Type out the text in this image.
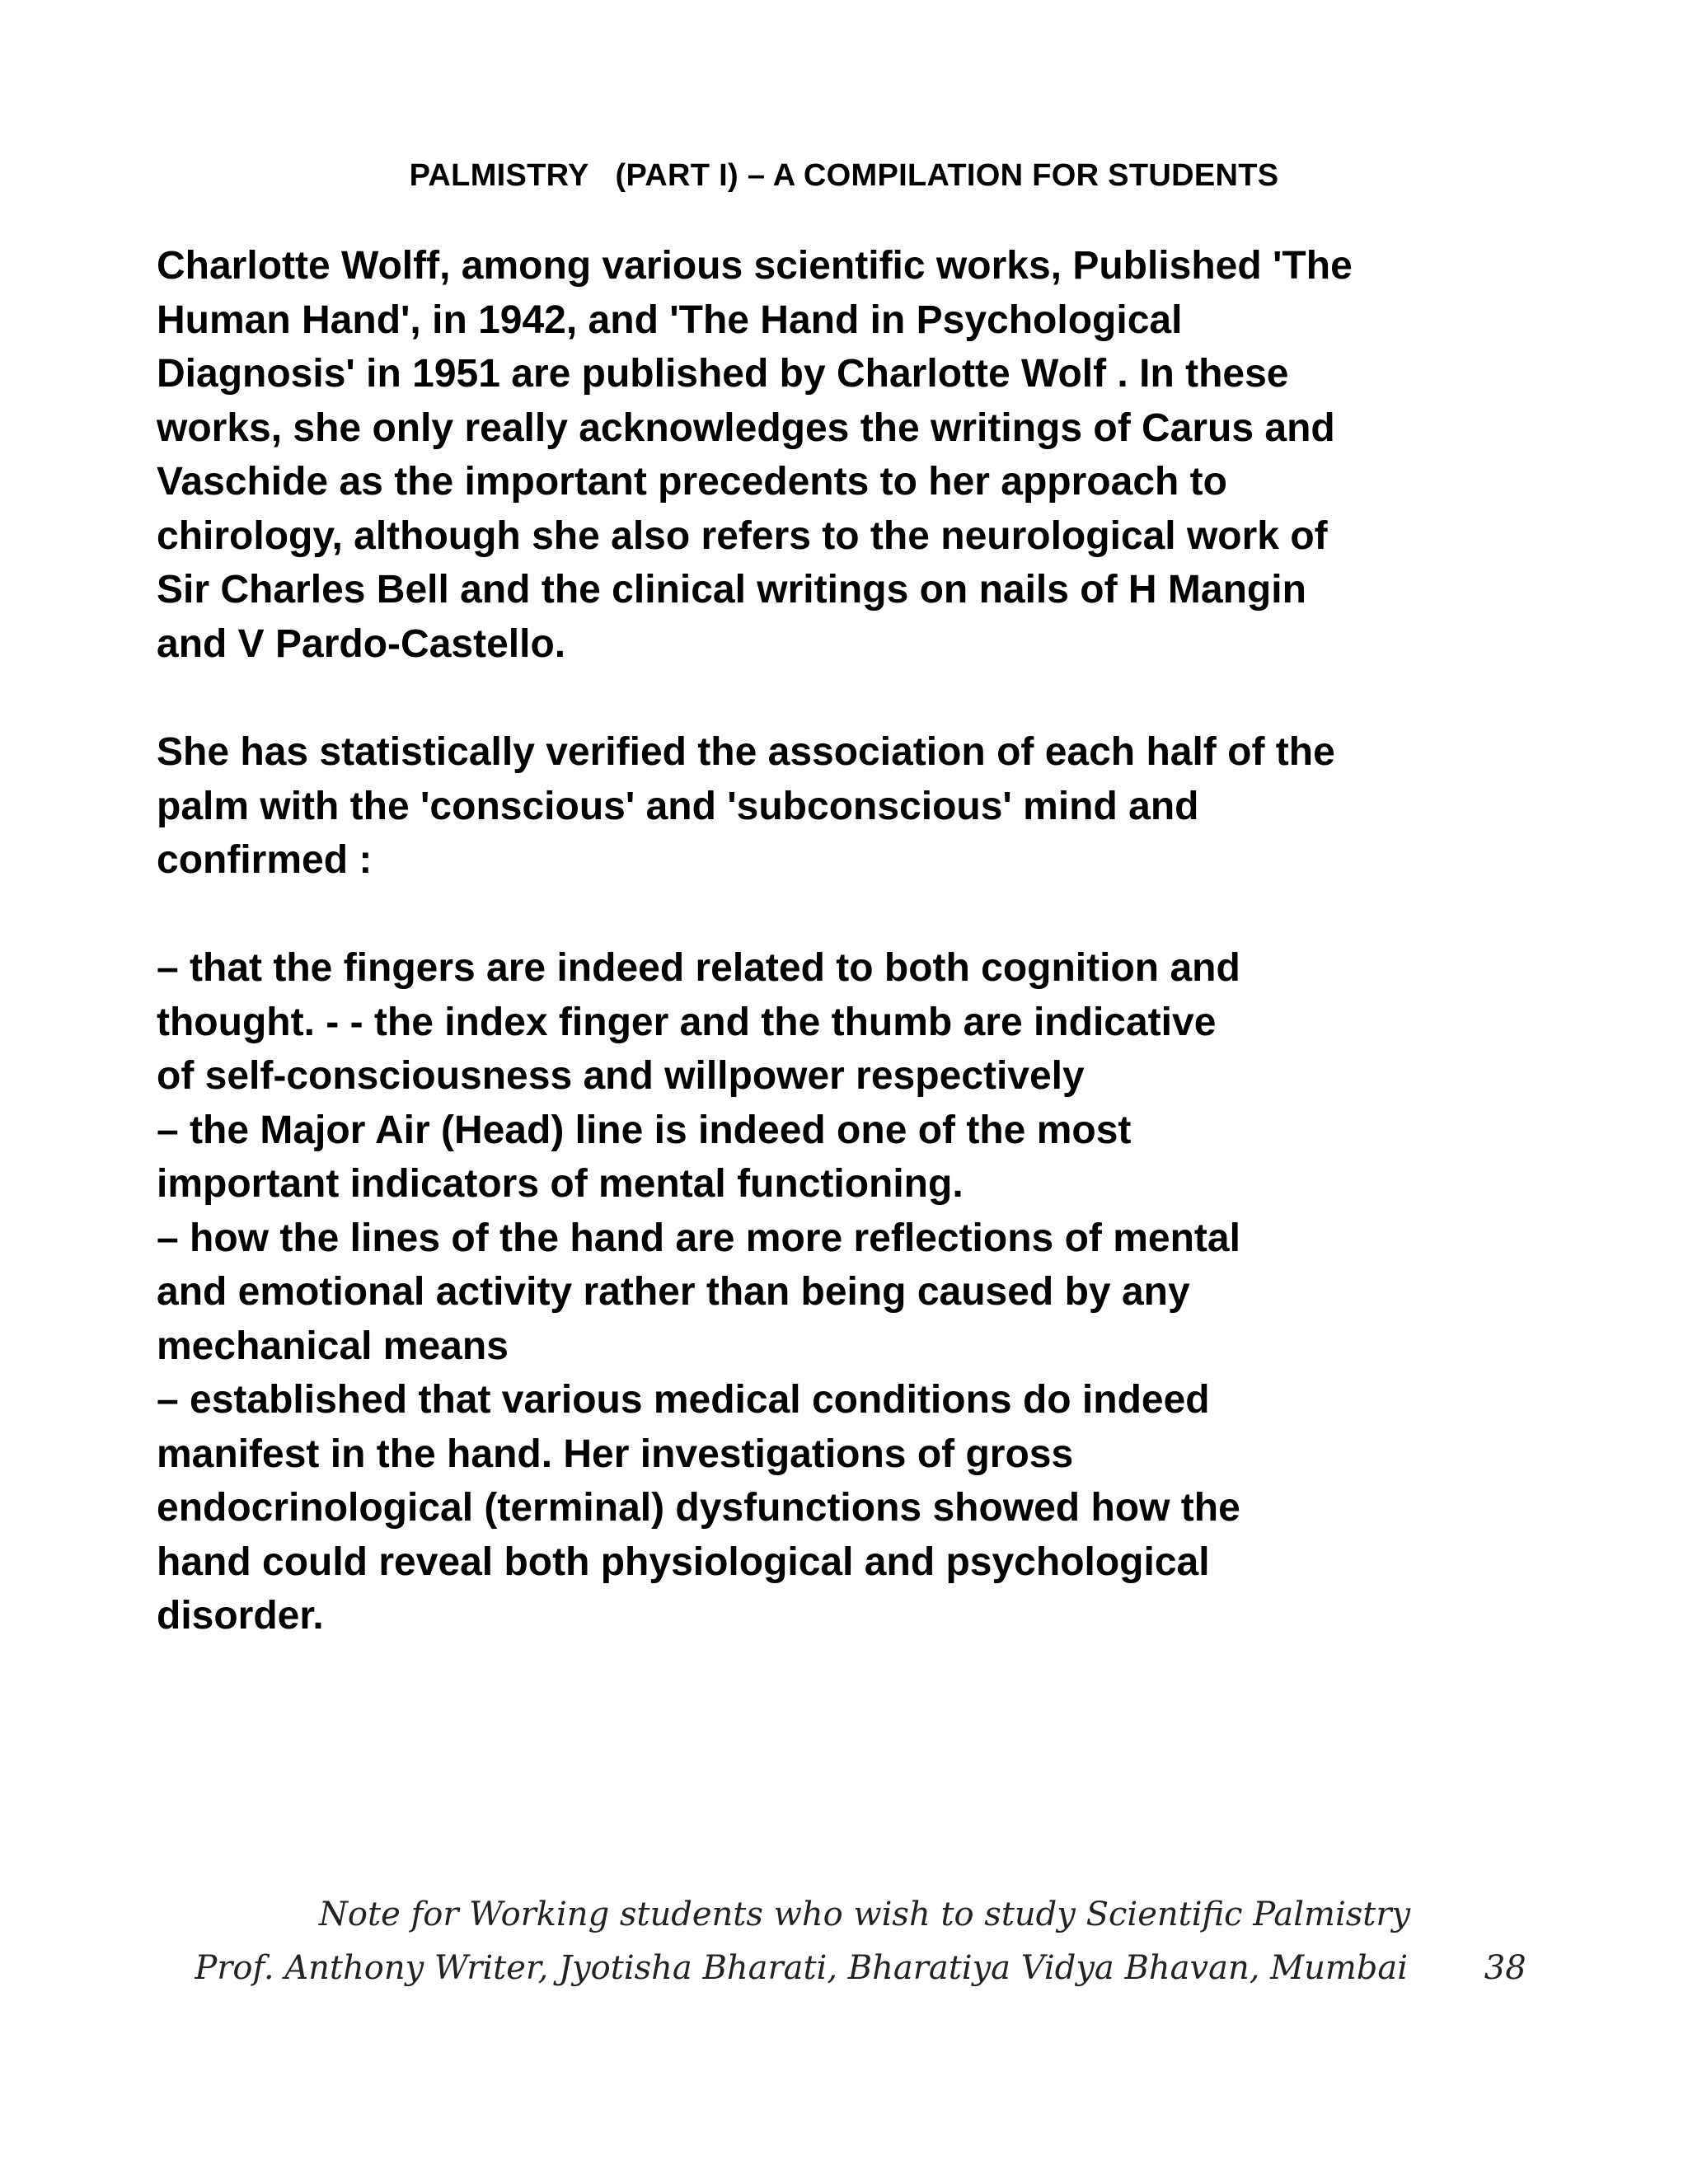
PALMISTRY   (PART I) – A COMPILATION FOR STUDENTS
Charlotte Wolff, among various scientific works, Published 'The
Human Hand', in 1942, and 'The Hand in Psychological
Diagnosis' in 1951 are published by Charlotte Wolf . In these
works, she only really acknowledges the writings of Carus and
Vaschide as the important precedents to her approach to
chirology, although she also refers to the neurological work of
Sir Charles Bell and the clinical writings on nails of H Mangin
and V Pardo-Castello.
She has statistically verified the association of each half of the
palm with the 'conscious' and 'subconscious' mind and
confirmed :
– that the fingers are indeed related to both cognition and
thought. - - the index finger and the thumb are indicative
of self-consciousness and willpower respectively
– the Major Air (Head) line is indeed one of the most
important indicators of mental functioning.
– how the lines of the hand are more reflections of mental
and emotional activity rather than being caused by any
mechanical means
– established that various medical conditions do indeed
manifest in the hand. Her investigations of gross
endocrinological (terminal) dysfunctions showed how the
hand could reveal both physiological and psychological
disorder.
Note for Working students who wish to study Scientific Palmistry
Prof. Anthony Writer, Jyotisha Bharati, Bharatiya Vidya Bhavan, Mumbai 38
